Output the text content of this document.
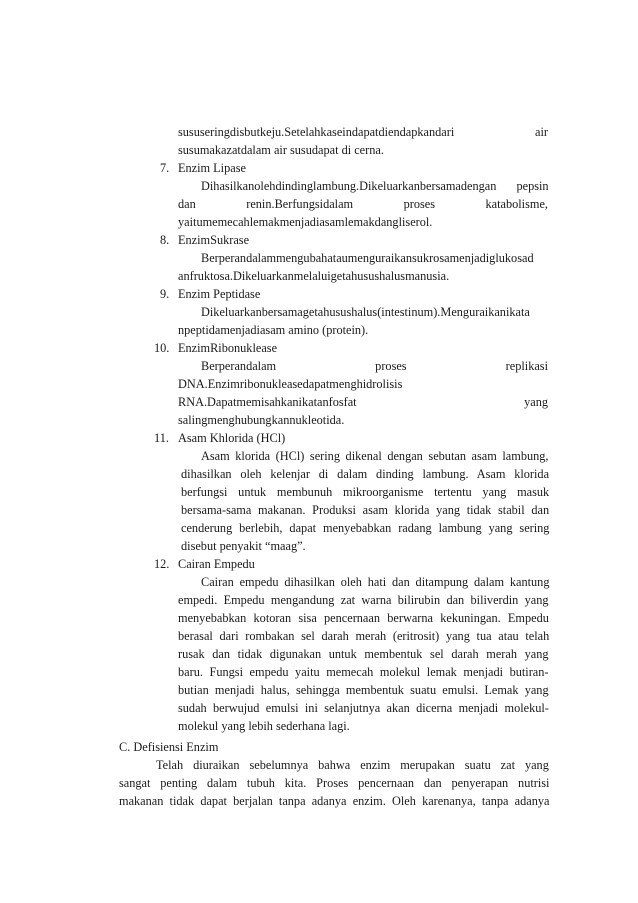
sususeringdisbutkeju.Setelahkaseindapatdiendapkandari	air
susumakazatdalam air susudapat di cerna.
7. Enzim Lipase
Dihasilkanolehdindinglambung.Dikeluarkanbersamadengan pepsin
dan	renin.Berfungsidalam	proses	katabolisme,
yaitumemecahlemakmenjadiasamlemakdangliserol.
8. EnzimSukrase
Berperandalammengubahataumenguraikansukrosamenjadiglukosad
anfruktosa.Dikeluarkanmelaluigetahusushalusmanusia.
9. Enzim Peptidase
Dikeluarkanbersamagetahusushalus(intestinum).Menguraikanikata
npeptidamenjadiasam amino (protein).
10. EnzimRibonuklease
Berperandalam	proses	replikasi
DNA.Enzimribonukleasedapatmenghidrolisis
RNA.Dapatmemisahkanikatanfosfat	yang
salingmenghubungkannukleotida.
11. Asam Khlorida (HCl)
Asam klorida (HCl) sering dikenal dengan sebutan asam lambung,
dihasilkan oleh kelenjar di dalam dinding lambung. Asam klorida
berfungsi untuk membunuh mikroorganisme tertentu yang masuk
bersama-sama makanan. Produksi asam klorida yang tidak stabil dan
cenderung berlebih, dapat menyebabkan radang lambung yang sering
disebut penyakit “maag”.
12. Cairan Empedu
Cairan empedu dihasilkan oleh hati dan ditampung dalam kantung
empedi. Empedu mengandung zat warna bilirubin dan biliverdin yang
menyebabkan kotoran sisa pencernaan berwarna kekuningan. Empedu
berasal dari rombakan sel darah merah (eritrosit) yang tua atau telah
rusak dan tidak digunakan untuk membentuk sel darah merah yang
baru. Fungsi empedu yaitu memecah molekul lemak menjadi butiran-
butian menjadi halus, sehingga membentuk suatu emulsi. Lemak yang
sudah berwujud emulsi ini selanjutnya akan dicerna menjadi molekul-
molekul yang lebih sederhana lagi.
C. Defisiensi Enzim
Telah diuraikan sebelumnya bahwa enzim merupakan suatu zat yang
sangat penting dalam tubuh kita. Proses pencernaan dan penyerapan nutrisi
makanan tidak dapat berjalan tanpa adanya enzim. Oleh karenanya, tanpa adanya
